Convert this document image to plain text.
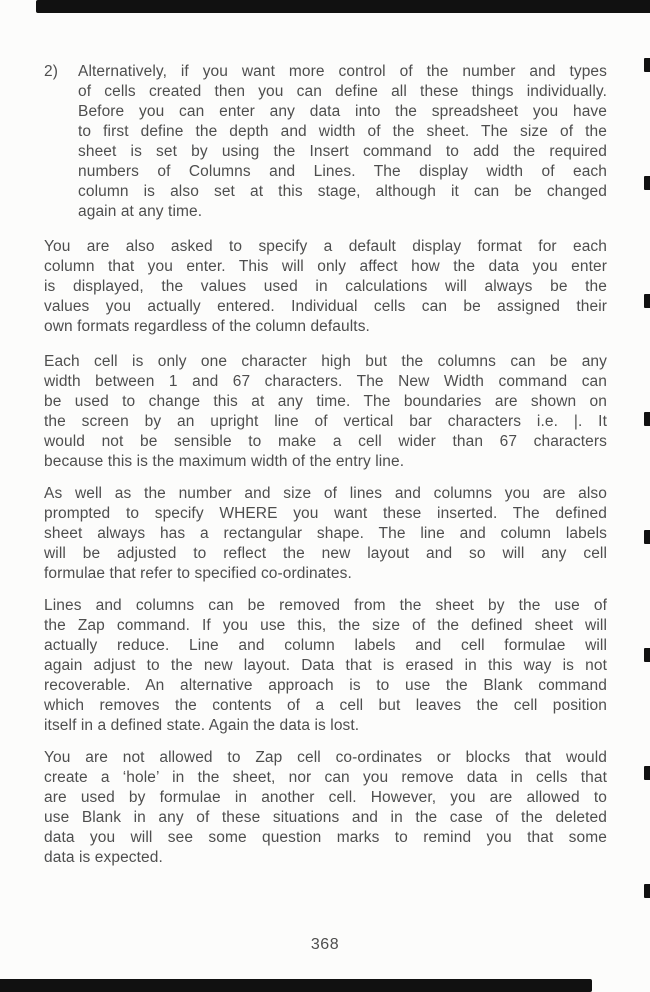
2) Alternatively, if you want more control of the number and types
of cells created then you can define all these things individually.
Before you can enter any data into the spreadsheet you have
to first define the depth and width of the sheet. The size of the
sheet is set by using the Insert command to add the required
numbers of Columns and Lines. The display width of each
column is also set at this stage, although it can be changed
again at any time.
You are also asked to specify a default display format for each
column that you enter. This will only affect how the data you enter
is displayed, the values used in calculations will always be the
values you actually entered. Individual cells can be assigned their
own formats regardless of the column defaults.
Each cell is only one character high but the columns can be any
width between 1 and 67 characters. The New Width command can
be used to change this at any time. The boundaries are shown on
the screen by an upright line of vertical bar characters i.e. |. It
would not be sensible to make a cell wider than 67 characters
because this is the maximum width of the entry line.
As well as the number and size of lines and columns you are also
prompted to specify WHERE you want these inserted. The defined
sheet always has a rectangular shape. The line and column labels
will be adjusted to reflect the new layout and so will any cell
formulae that refer to specified co-ordinates.
Lines and columns can be removed from the sheet by the use of
the Zap command. If you use this, the size of the defined sheet will
actually reduce. Line and column labels and cell formulae will
again adjust to the new layout. Data that is erased in this way is not
recoverable. An alternative approach is to use the Blank command
which removes the contents of a cell but leaves the cell position
itself in a defined state. Again the data is lost.
You are not allowed to Zap cell co-ordinates or blocks that would
create a ‘hole’ in the sheet, nor can you remove data in cells that
are used by formulae in another cell. However, you are allowed to
use Blank in any of these situations and in the case of the deleted
data you will see some question marks to remind you that some
data is expected.
368
